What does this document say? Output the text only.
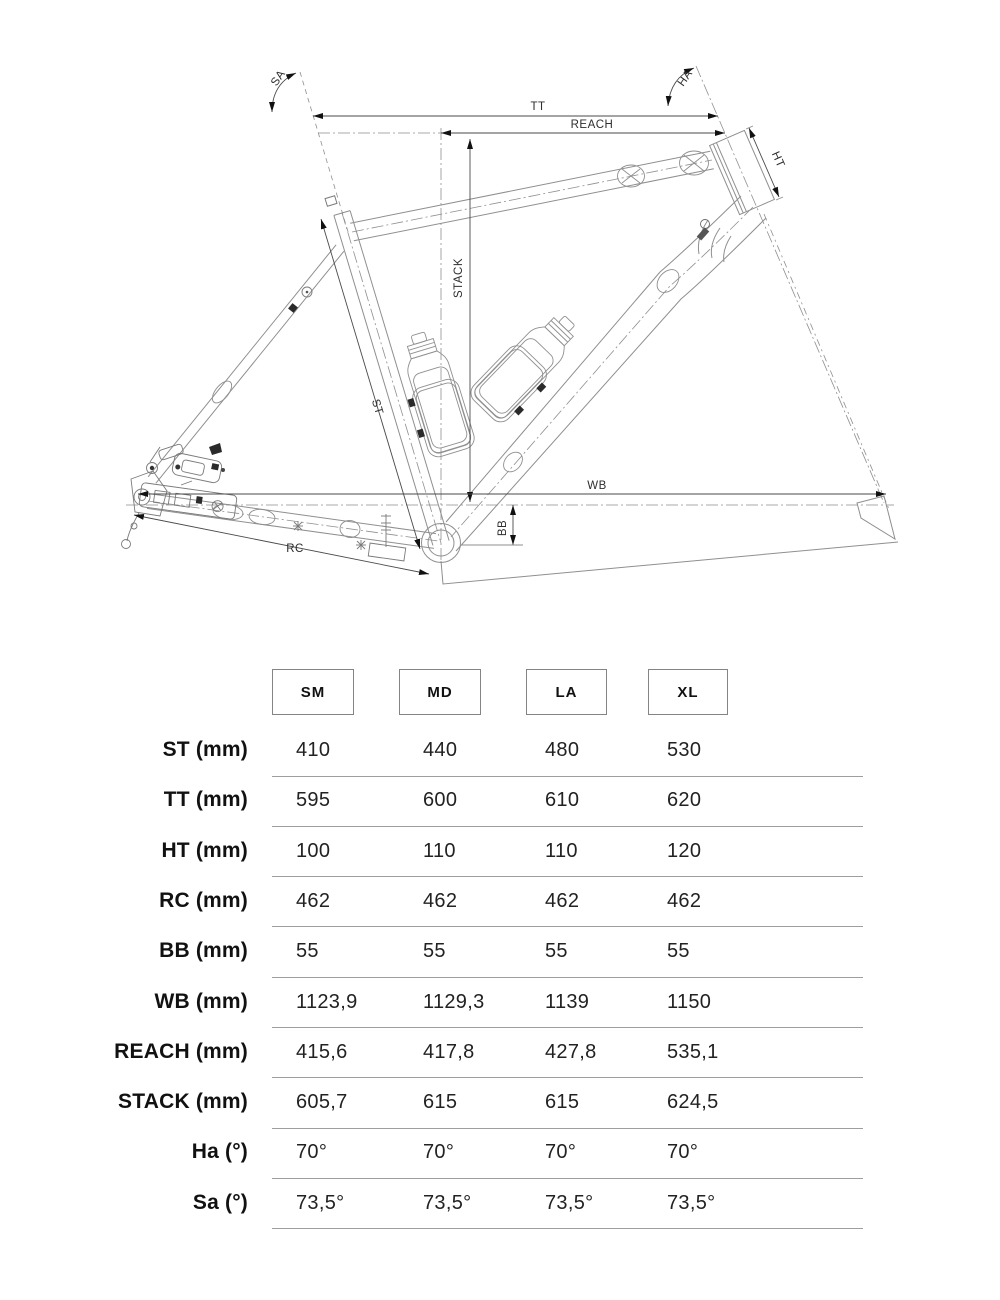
TT
REACH
STACK
WB
BB
RC
ST
HT
SA	HA
SM	MD	LA	XL
ST (mm) 410	440	480	530
TT (mm) 595	600	610	620
HT (mm) 100	110	110	120
RC (mm) 462	462	462	462
BB (mm) 55	55	55	55
WB (mm) 1123,9	1129,3	1139	1150
REACH (mm) 415,6	417,8	427,8	535,1
STACK (mm) 605,7	615	615	624,5
Ha (°) 70°	70°	70°	70°
Sa (°) 73,5°	73,5°	73,5°	73,5°
